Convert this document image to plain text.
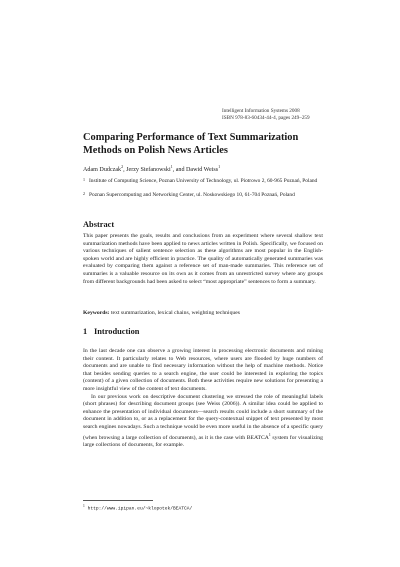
Intelligent Information Systems 2008
ISBN 978-83-60434-44-4, pages 249–259
Comparing Performance of Text Summarization Methods on Polish News Articles
Adam Dudczak$^2$, Jerzy Stefanowski$^1$, and Dawid Weiss$^1$
1 Institute of Computing Science, Poznan University of Technology, ul. Piotrowo 2, 60-965 Poznań, Poland
2 Poznan Supercomputing and Networking Center, ul. Noskowskiego 10, 61-704 Poznań, Poland
Abstract

This paper presents the goals, results and conclusions from an experiment where several shallow text summarization methods have been applied to news articles written in Polish. Specifically, we focused on various techniques of salient sentence selection as these algorithms are most popular in the English-spoken world and are highly efficient in practice. The quality of automatically generated summaries was evaluated by comparing them against a reference set of man-made summaries. This reference set of summaries is a valuable resource on its own as it comes from an unrestricted survey where any groups from different backgrounds had been asked to select “most appropriate” sentences to form a summary.

Keywords: text summarization, lexical chains, weighting techniques
1 Introduction

In the last decade one can observe a growing interest in processing electronic documents and mining their content. It particularly relates to Web resources, where users are flooded by huge numbers of documents and are unable to find necessary information without the help of machine methods. Notice that besides sending queries to a search engine, the user could be interested in exploring the topics (content) of a given collection of documents. Both these activities require new solutions for presenting a more insightful view of the content of text documents.

In our previous work on descriptive document clustering we stressed the role of meaningful labels (short phrases) for describing document groups (see Weiss (2006)). A similar idea could be applied to enhance the presentation of individual documents—search results could include a short summary of the document in addition to, or as a replacement for the query-contextual snippet of text presented by most search engines nowadays. Such a technique would be even more useful in the absence of a specific query (when browsing a large collection of documents), as it is the case with BEATCA$^1$ system for visualizing large collections of documents, for example.

$^1$ http://www.ipipan.eu/~klopotek/BEATCA/
